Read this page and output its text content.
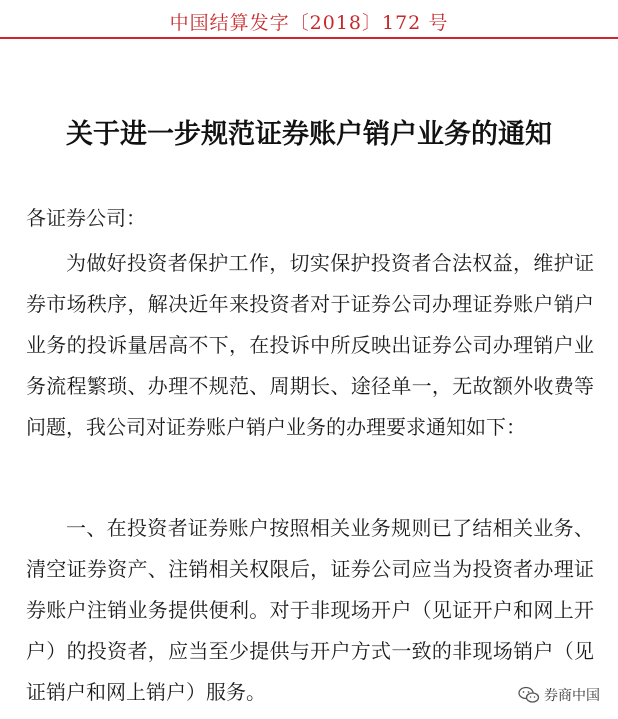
中国结算发字〔2018〕172 号
关于进一步规范证券账户销户业务的通知
各证券公司：

为做好投资者保护工作，切实保护投资者合法权益，维护证券市场秩序，解决近年来投资者对于证券公司办理证券账户销户业务的投诉量居高不下，在投诉中所反映出证券公司办理销户业务流程繁琐、办理不规范、周期长、途径单一，无故额外收费等问题，我公司对证券账户销户业务的办理要求通知如下：

一、在投资者证券账户按照相关业务规则已了结相关业务、清空证券资产、注销相关权限后，证券公司应当为投资者办理证券账户注销业务提供便利。对于非现场开户（见证开户和网上开户）的投资者，应当至少提供与开户方式一致的非现场销户（见证销户和网上销户）服务。	券商中国
